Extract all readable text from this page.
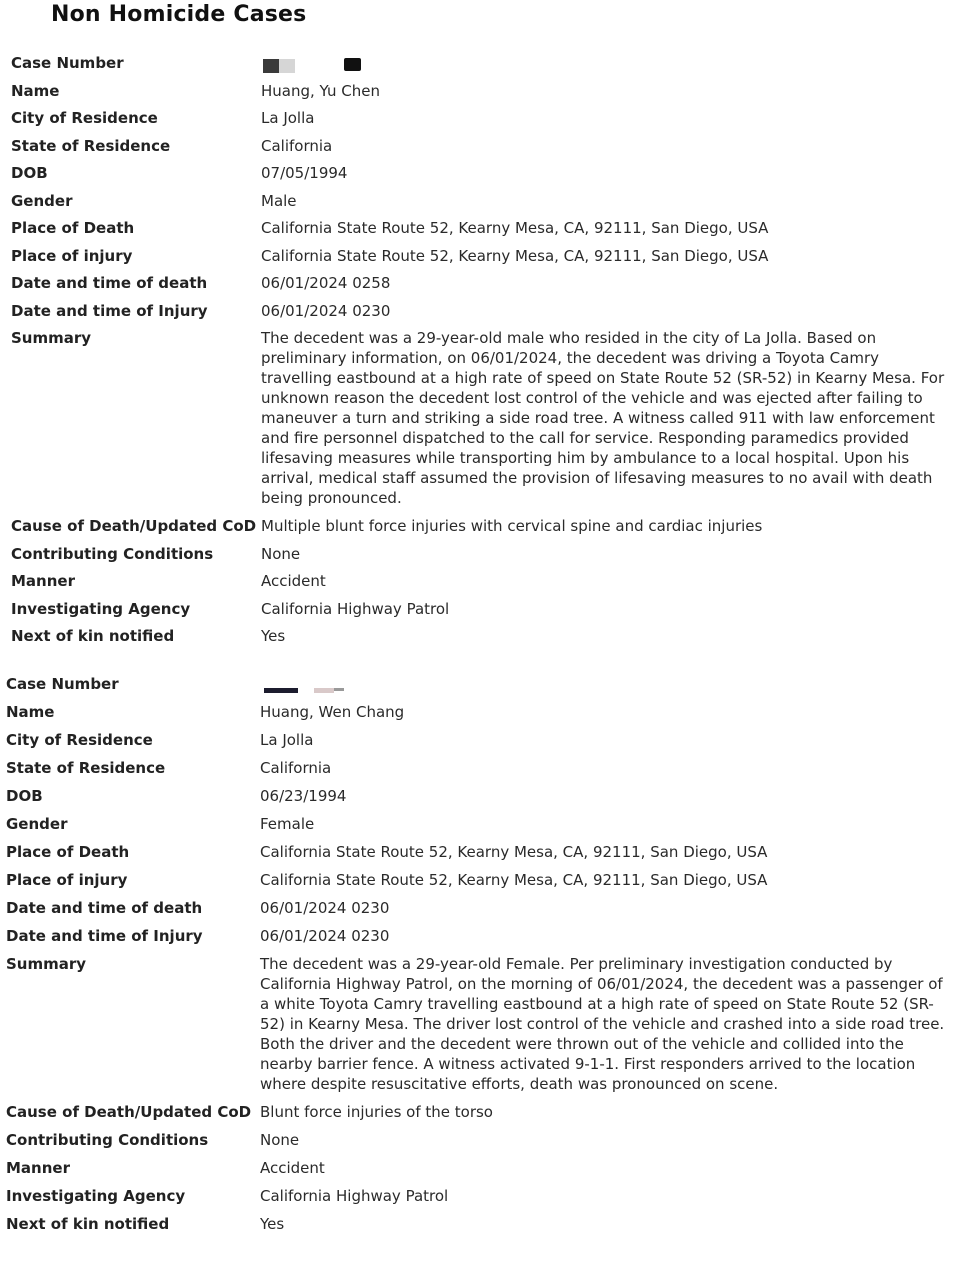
Non Homicide Cases
Case Number	

Name	Huang, Yu Chen
City of Residence	La Jolla
State of Residence	California
DOB	07/05/1994
Gender	Male
Place of Death	California State Route 52, Kearny Mesa, CA, 92111, San Diego, USA
Place of injury	California State Route 52, Kearny Mesa, CA, 92111, San Diego, USA
Date and time of death	06/01/2024 0258
Date and time of Injury	06/01/2024 0230
Summary	The decedent was a 29-year-old male who resided in the city of La Jolla. Based on preliminary information, on 06/01/2024, the decedent was driving a Toyota Camry travelling eastbound at a high rate of speed on State Route 52 (SR-52) in Kearny Mesa. For unknown reason the decedent lost control of the vehicle and was ejected after failing to maneuver a turn and striking a side road tree. A witness called 911 with law enforcement and fire personnel dispatched to the call for service. Responding paramedics provided lifesaving measures while transporting him by ambulance to a local hospital. Upon his arrival, medical staff assumed the provision of lifesaving measures to no avail with death being pronounced.

Cause of Death/Updated CoD	Multiple blunt force injuries with cervical spine and cardiac injuries
Contributing Conditions	None
Manner	Accident
Investigating Agency	California Highway Patrol
Next of kin notified	Yes
Case Number	

Name	Huang, Wen Chang
City of Residence	La Jolla
State of Residence	California
DOB	06/23/1994
Gender	Female
Place of Death	California State Route 52, Kearny Mesa, CA, 92111, San Diego, USA
Place of injury	California State Route 52, Kearny Mesa, CA, 92111, San Diego, USA
Date and time of death	06/01/2024 0230
Date and time of Injury	06/01/2024 0230
Summary	The decedent was a 29-year-old Female. Per preliminary investigation conducted by California Highway Patrol, on the morning of 06/01/2024, the decedent was a passenger of a white Toyota Camry travelling eastbound at a high rate of speed on State Route 52 (SR-52) in Kearny Mesa. The driver lost control of the vehicle and crashed into a side road tree. Both the driver and the decedent were thrown out of the vehicle and collided into the nearby barrier fence. A witness activated 9-1-1. First responders arrived to the location where despite resuscitative efforts, death was pronounced on scene.

Cause of Death/Updated CoD	Blunt force injuries of the torso
Contributing Conditions	None
Manner	Accident
Investigating Agency	California Highway Patrol
Next of kin notified	Yes
